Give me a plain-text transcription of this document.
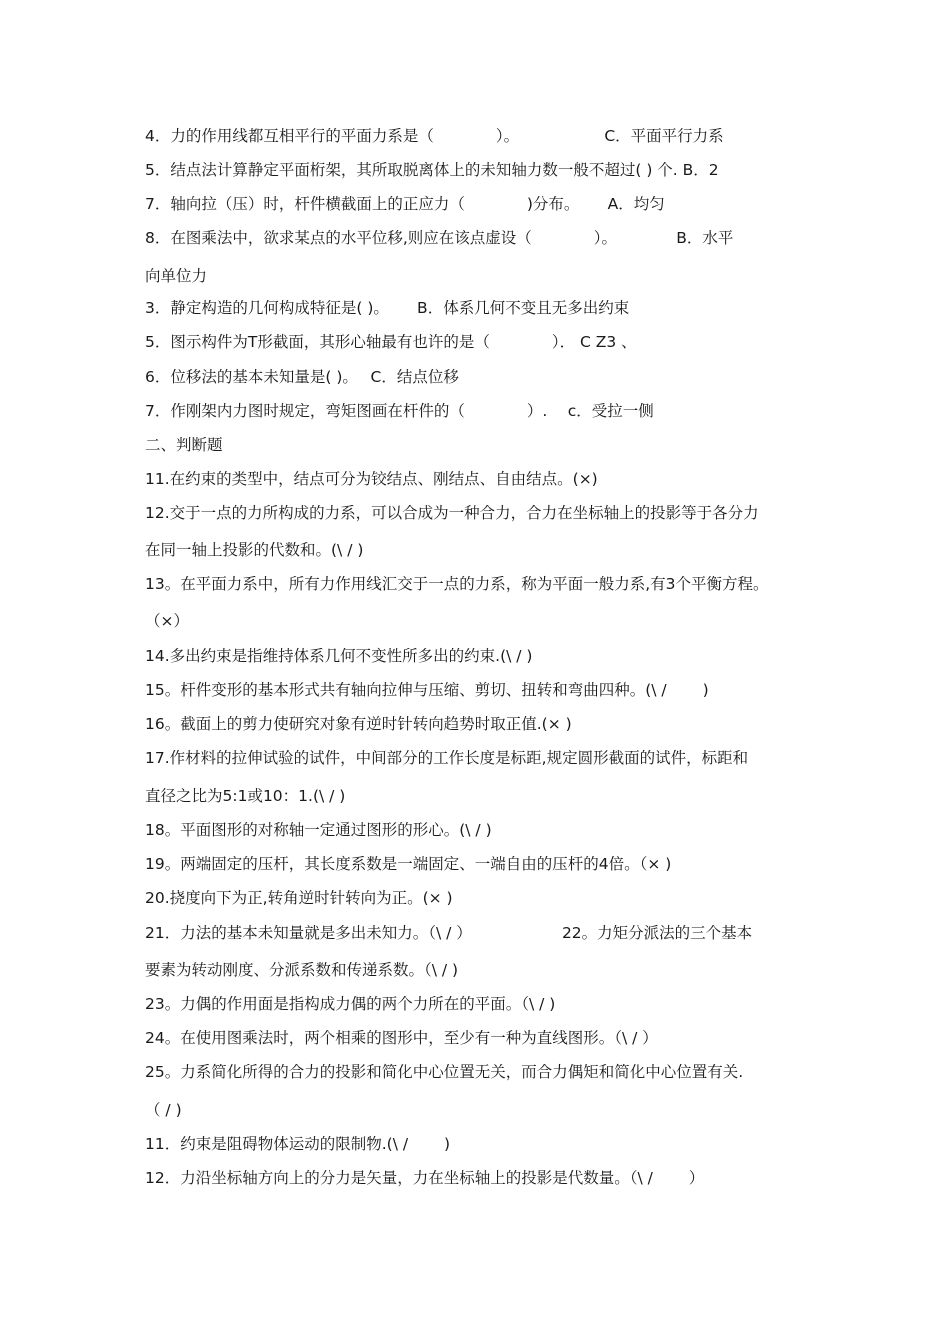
4．力的作用线都互相平行的平面力系是（　　　　）。　　　　　　C．平面平行力系
5．结点法计算静定平面桁架，其所取脱离体上的未知轴力数一般不超过( ) 个. B．2
7．轴向拉（压）时，杆件横截面上的正应力（　　　　)分布。　　 A．均匀
8．在图乘法中，欲求某点的水平位移,则应在该点虚设（　　　　）。　　　　 B．水平
向单位力
3．静定构造的几何构成特征是( )。　　 B．体系几何不变且无多出约束
5．图示构件为T形截面，其形心轴最有也许的是（　　　　）． C Z3 、
6．位移法的基本未知量是( )。　 C．结点位移
7．作刚架内力图时规定，弯矩图画在杆件的（　　　　）.　 c．受拉一侧
二、判断题
11.在约束的类型中，结点可分为铰结点、刚结点、自由结点。(×)
12.交于一点的力所构成的力系，可以合成为一种合力，合力在坐标轴上的投影等于各分力
在同一轴上投影的代数和。(\ / )
13。在平面力系中，所有力作用线汇交于一点的力系，称为平面一般力系,有3个平衡方程。
（×）
14.多出约束是指维持体系几何不变性所多出的约束.(\ / )
15。杆件变形的基本形式共有轴向拉伸与压缩、剪切、扭转和弯曲四种。(\ /　　 )
16。截面上的剪力使研究对象有逆时针转向趋势时取正值.(× )
17.作材料的拉伸试验的试件，中间部分的工作长度是标距,规定圆形截面的试件，标距和
直径之比为5:1或10：1.(\ / )
18。平面图形的对称轴一定通过图形的形心。(\ / )
19。两端固定的压杆，其长度系数是一端固定、一端自由的压杆的4倍。（× )
20.挠度向下为正,转角逆时针转向为正。(× )
21．力法的基本未知量就是多出未知力。（\ / ）　　　　　　 22。力矩分派法的三个基本
要素为转动刚度、分派系数和传递系数。（\ / )
23。力偶的作用面是指构成力偶的两个力所在的平面。（\ / )
24。在使用图乘法时，两个相乘的图形中，至少有一种为直线图形。（\ / ）
25。力系简化所得的合力的投影和简化中心位置无关，而合力偶矩和简化中心位置有关.
（ / )
11．约束是阻碍物体运动的限制物.(\ /　　 )
12．力沿坐标轴方向上的分力是矢量，力在坐标轴上的投影是代数量。（\ /　　 ）
